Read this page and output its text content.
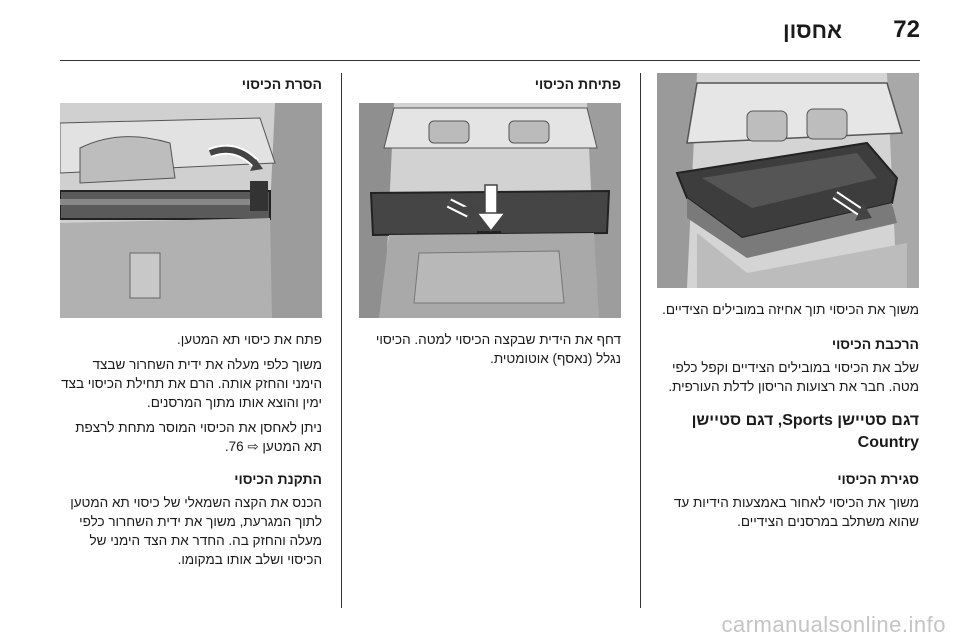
72
אחסון

משוך את הכיסוי תוך אחיזה במובילים הצידיים.

הרכבת הכיסוי

שלב את הכיסוי במובילים הצידיים וקפל כלפי מטה. חבר את רצועות הריסון לדלת העורפית.

דגם סטיישן Sports, דגם סטיישן Country
סגירת הכיסוי

משוך את הכיסוי לאחור באמצעות הידיות עד שהוא משתלב במרסנים הצידיים.

פתיחת הכיסוי

דחף את הידית שבקצה הכיסוי למטה. הכיסוי נגלל (נאסף) אוטומטית.

הסרת הכיסוי

פתח את כיסוי תא המטען.

משוך כלפי מעלה את ידית השחרור שבצד הימני והחזק אותה. הרם את תחילת הכיסוי בצד ימין והוצא אותו מתוך המרסנים.

ניתן לאחסן את הכיסוי המוסר מתחת לרצפת תא המטען ⇨ 76.

התקנת הכיסוי

הכנס את הקצה השמאלי של כיסוי תא המטען לתוך המגרעת, משוך את ידית השחרור כלפי מעלה והחזק בה. החדר את הצד הימני של הכיסוי ושלב אותו במקומו.

carmanualsonline.info
